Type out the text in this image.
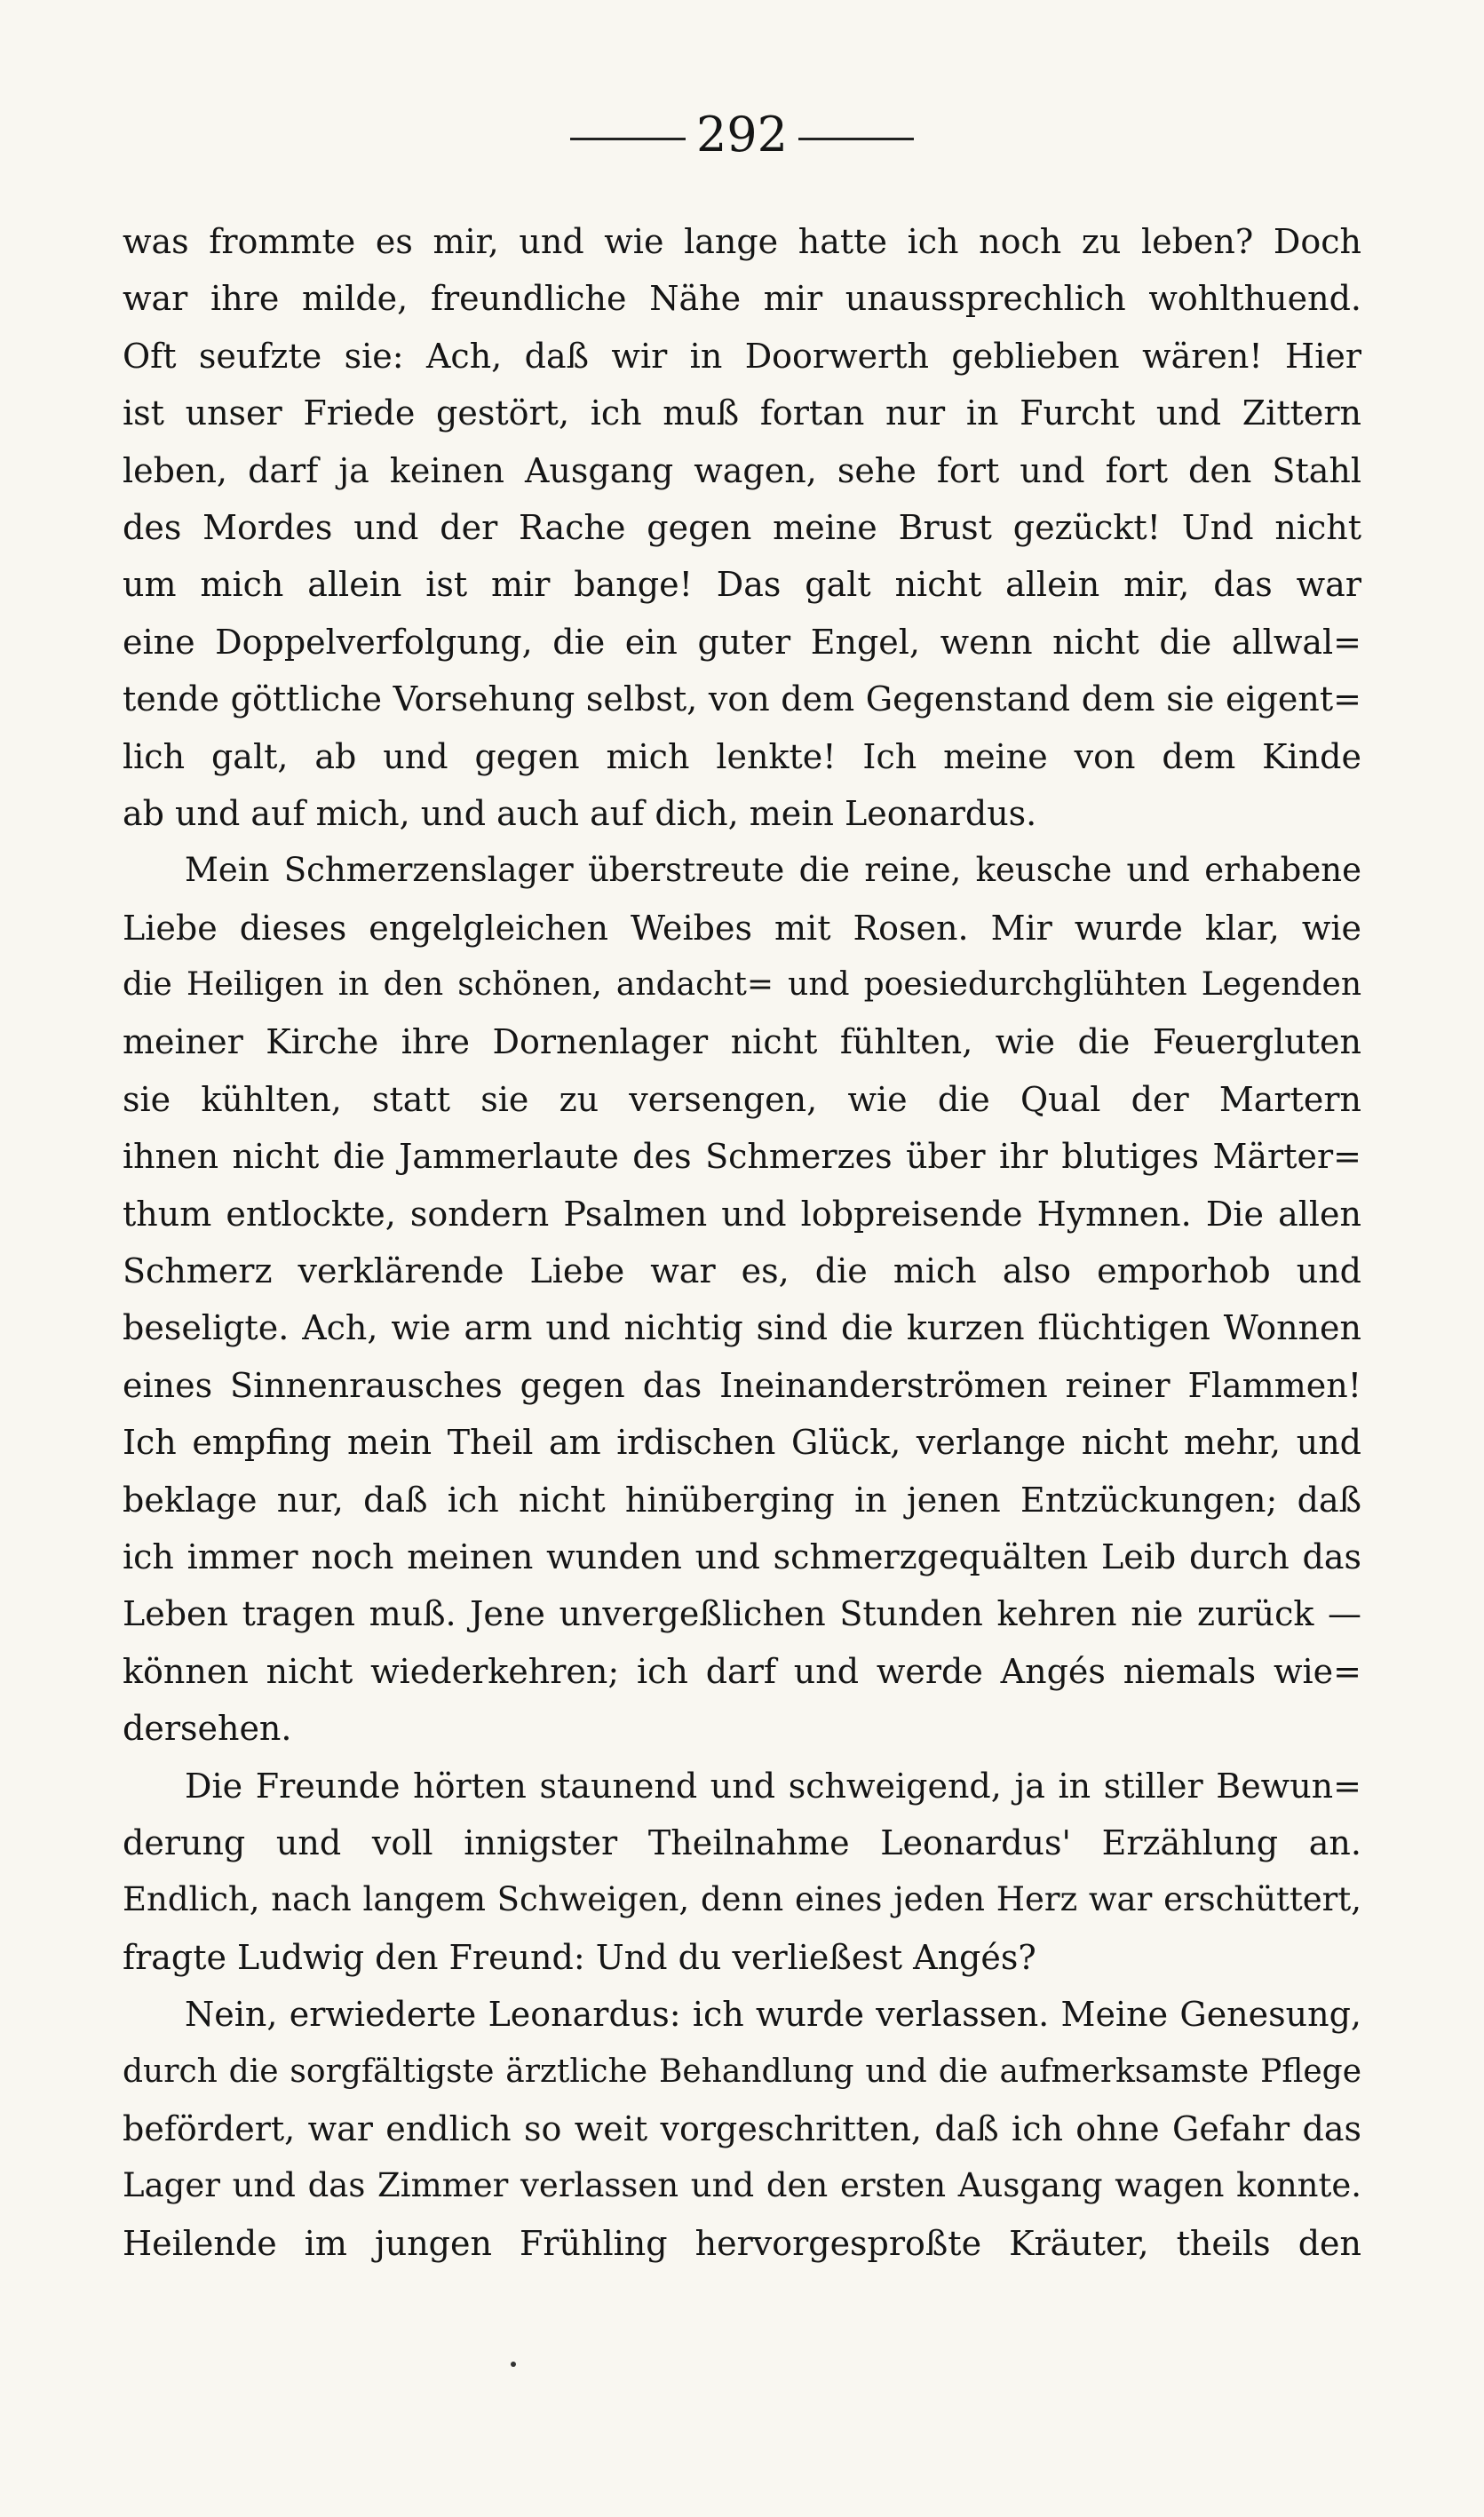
292
was frommte es mir, und wie lange hatte ich noch zu leben? Doch
war ihre milde, freundliche Nähe mir unaussprechlich wohlthuend.
Oft seufzte sie: Ach, daß wir in Doorwerth geblieben wären! Hier
ist unser Friede gestört, ich muß fortan nur in Furcht und Zittern
leben, darf ja keinen Ausgang wagen, sehe fort und fort den Stahl
des Mordes und der Rache gegen meine Brust gezückt! Und nicht
um mich allein ist mir bange! Das galt nicht allein mir, das war
eine Doppelverfolgung, die ein guter Engel, wenn nicht die allwal=
tende göttliche Vorsehung selbst, von dem Gegenstand dem sie eigent=
lich galt, ab und gegen mich lenkte! Ich meine von dem Kinde
ab und auf mich, und auch auf dich, mein Leonardus.
Mein Schmerzenslager überstreute die reine, keusche und erhabene
Liebe dieses engelgleichen Weibes mit Rosen. Mir wurde klar, wie
die Heiligen in den schönen, andacht= und poesiedurchglühten Legenden
meiner Kirche ihre Dornenlager nicht fühlten, wie die Feuergluten
sie kühlten, statt sie zu versengen, wie die Qual der Martern
ihnen nicht die Jammerlaute des Schmerzes über ihr blutiges Märter=
thum entlockte, sondern Psalmen und lobpreisende Hymnen. Die allen
Schmerz verklärende Liebe war es, die mich also emporhob und
beseligte. Ach, wie arm und nichtig sind die kurzen flüchtigen Wonnen
eines Sinnenrausches gegen das Ineinanderströmen reiner Flammen!
Ich empfing mein Theil am irdischen Glück, verlange nicht mehr, und
beklage nur, daß ich nicht hinüberging in jenen Entzückungen; daß
ich immer noch meinen wunden und schmerzgequälten Leib durch das
Leben tragen muß. Jene unvergeßlichen Stunden kehren nie zurück —
können nicht wiederkehren; ich darf und werde Angés niemals wie=
dersehen.
Die Freunde hörten staunend und schweigend, ja in stiller Bewun=
derung und voll innigster Theilnahme Leonardus' Erzählung an.
Endlich, nach langem Schweigen, denn eines jeden Herz war erschüttert,
fragte Ludwig den Freund: Und du verließest Angés?
Nein, erwiederte Leonardus: ich wurde verlassen. Meine Genesung,
durch die sorgfältigste ärztliche Behandlung und die aufmerksamste Pflege
befördert, war endlich so weit vorgeschritten, daß ich ohne Gefahr das
Lager und das Zimmer verlassen und den ersten Ausgang wagen konnte.
Heilende im jungen Frühling hervorgesproßte Kräuter, theils den
